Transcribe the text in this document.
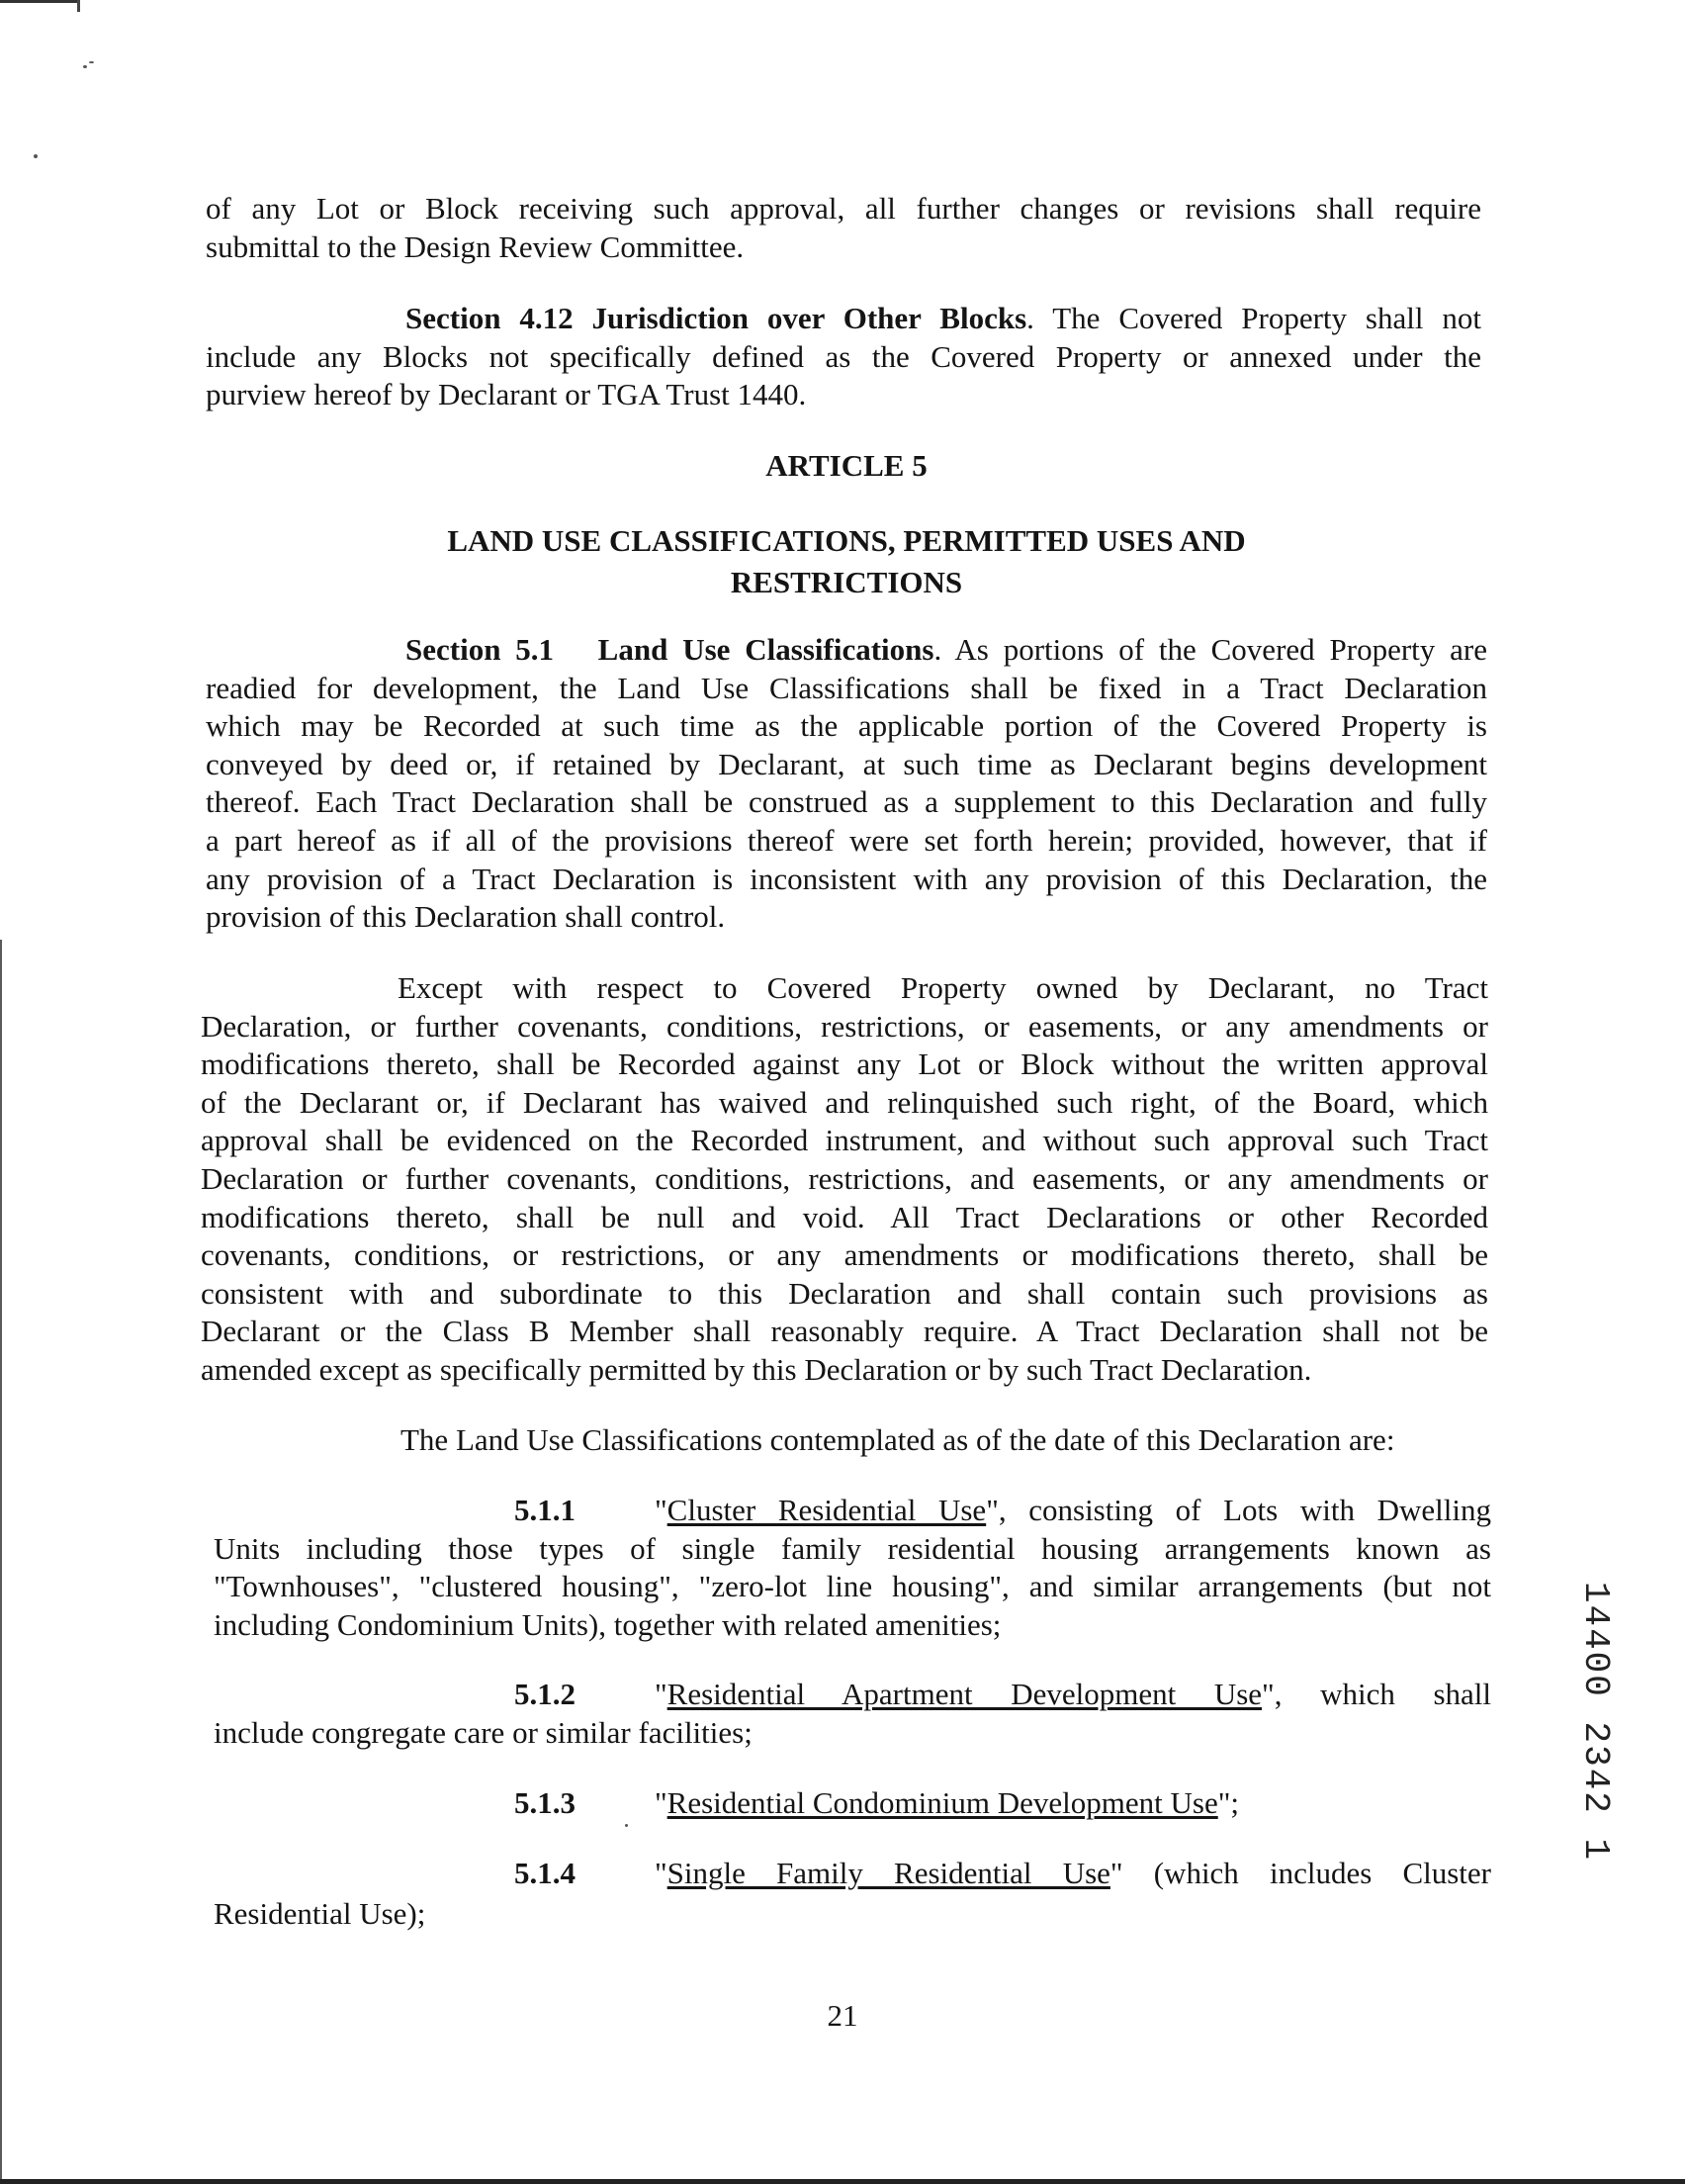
of any Lot or Block receiving such approval, all further changes or revisions shall require
submittal to the Design Review Committee.
Section 4.12 Jurisdiction over Other Blocks. The Covered Property shall not
include any Blocks not specifically defined as the Covered Property or annexed under the
purview hereof by Declarant or TGA Trust 1440.
ARTICLE 5
LAND USE CLASSIFICATIONS, PERMITTED USES AND
RESTRICTIONS
Section 5.1   Land Use Classifications. As portions of the Covered Property are
readied for development, the Land Use Classifications shall be fixed in a Tract Declaration
which may be Recorded at such time as the applicable portion of the Covered Property is
conveyed by deed or, if retained by Declarant, at such time as Declarant begins development
thereof. Each Tract Declaration shall be construed as a supplement to this Declaration and fully
a part hereof as if all of the provisions thereof were set forth herein; provided, however, that if
any provision of a Tract Declaration is inconsistent with any provision of this Declaration, the
provision of this Declaration shall control.
Except with respect to Covered Property owned by Declarant, no Tract
Declaration, or further covenants, conditions, restrictions, or easements, or any amendments or
modifications thereto, shall be Recorded against any Lot or Block without the written approval
of the Declarant or, if Declarant has waived and relinquished such right, of the Board, which
approval shall be evidenced on the Recorded instrument, and without such approval such Tract
Declaration or further covenants, conditions, restrictions, and easements, or any amendments or
modifications thereto, shall be null and void. All Tract Declarations or other Recorded
covenants, conditions, or restrictions, or any amendments or modifications thereto, shall be
consistent with and subordinate to this Declaration and shall contain such provisions as
Declarant or the Class B Member shall reasonably require. A Tract Declaration shall not be
amended except as specifically permitted by this Declaration or by such Tract Declaration.
The Land Use Classifications contemplated as of the date of this Declaration are:
5.1.1	"Cluster Residential Use", consisting of Lots with Dwelling
Units including those types of single family residential housing arrangements known as
"Townhouses", "clustered housing", "zero-lot line housing", and similar arrangements (but not
including Condominium Units), together with related amenities;
5.1.2	"Residential Apartment Development Use", which shall
include congregate care or similar facilities;
5.1.3	"Residential Condominium Development Use";
5.1.4	"Single Family Residential Use" (which includes Cluster
Residential Use);
21
14400 2342 1
